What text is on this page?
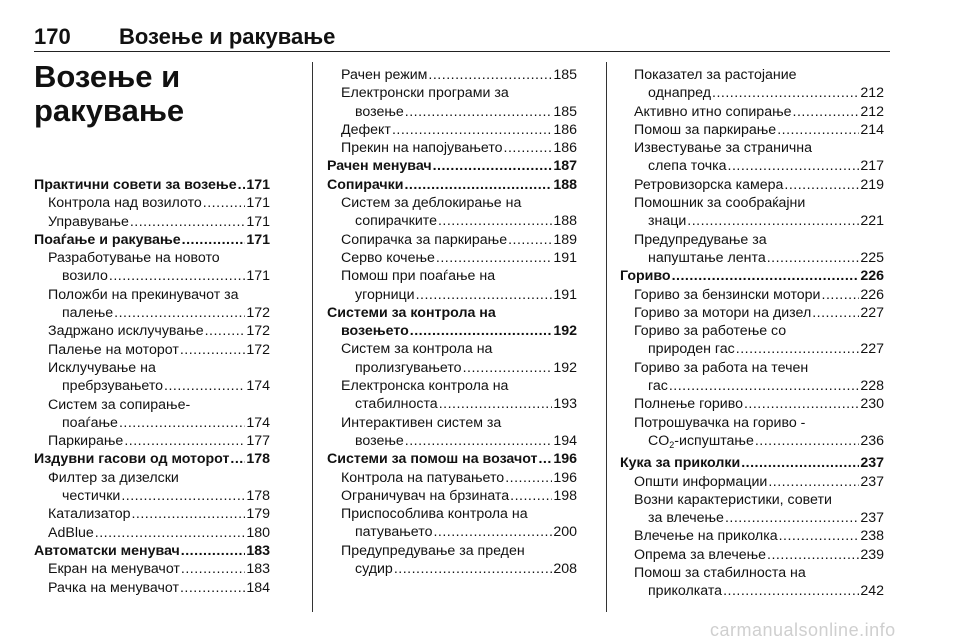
170 Возење и ракување
Возење и
ракување
Практични совети за возење ..... 171
Контрола над возилото .....	171
Управување .....	171
Поаѓање и ракување .....	171
Разработување на новото
возило .....	171
Положби на прекинувачот за
палење .....	172
Задржано исклучување .....	172
Палење на моторот .....	172
Исклучување на
пребрзувањето .....	174
Систем за сопирање-
поаѓање .....	174
Паркирање .....	177
Издувни гасови од моторот ..... 178
Филтер за дизелски
честички .....	178
Катализатор .....	179
AdBlue .....	180
Автоматски менувач .....	183
Екран на менувачот .....	183
Рачка на менувачот .....	184
Рачен режим .....	185
Електронски програми за
возење .....	185
Дефект .....	186
Прекин на напојувањето .....	186
Рачен менувач .....	187
Сопирачки .....	188
Систем за деблокирање на
сопирачките .....	188
Сопирачка за паркирање .....	189
Серво кочење .....	191
Помош при поаѓање на
угорници .....	191
Системи за контрола на
возењето .....	192
Систем за контрола на
пролизгувањето .....	192
Електронска контрола на
стабилноста .....	193
Интерактивен систем за
возење .....	194
Системи за помош на возачот ..... 196
Контрола на патувањето .....	196
Ограничувач на брзината .....	198
Приспособлива контрола на
патувањето .....	200
Предупредување за преден
судир .....	208
Показател за растојание
однапред .....	212
Активно итно сопирање .....	212
Помош за паркирање .....	214
Известување за странична
слепа точка .....	217
Ретровизорска камера .....	219
Помошник за сообраќајни
знаци .....	221
Предупредување за
напуштање лента .....	225
Гориво .....	226
Гориво за бензински мотори .....	226
Гориво за мотори на дизел .....	227
Гориво за работење со
природен гас .....	227
Гориво за работа на течен
гас .....	228
Полнење гориво .....	230
Потрошувачка на гориво -
$CO_2$-испуштање .....	236
Кука за приколки .....	237
Општи информации .....	237
Возни карактеристики, совети
за влечење .....	237
Влечење на приколка .....	238
Опрема за влечење .....	239
Помош за стабилноста на
приколката .....	242
carmanualsonline.info
